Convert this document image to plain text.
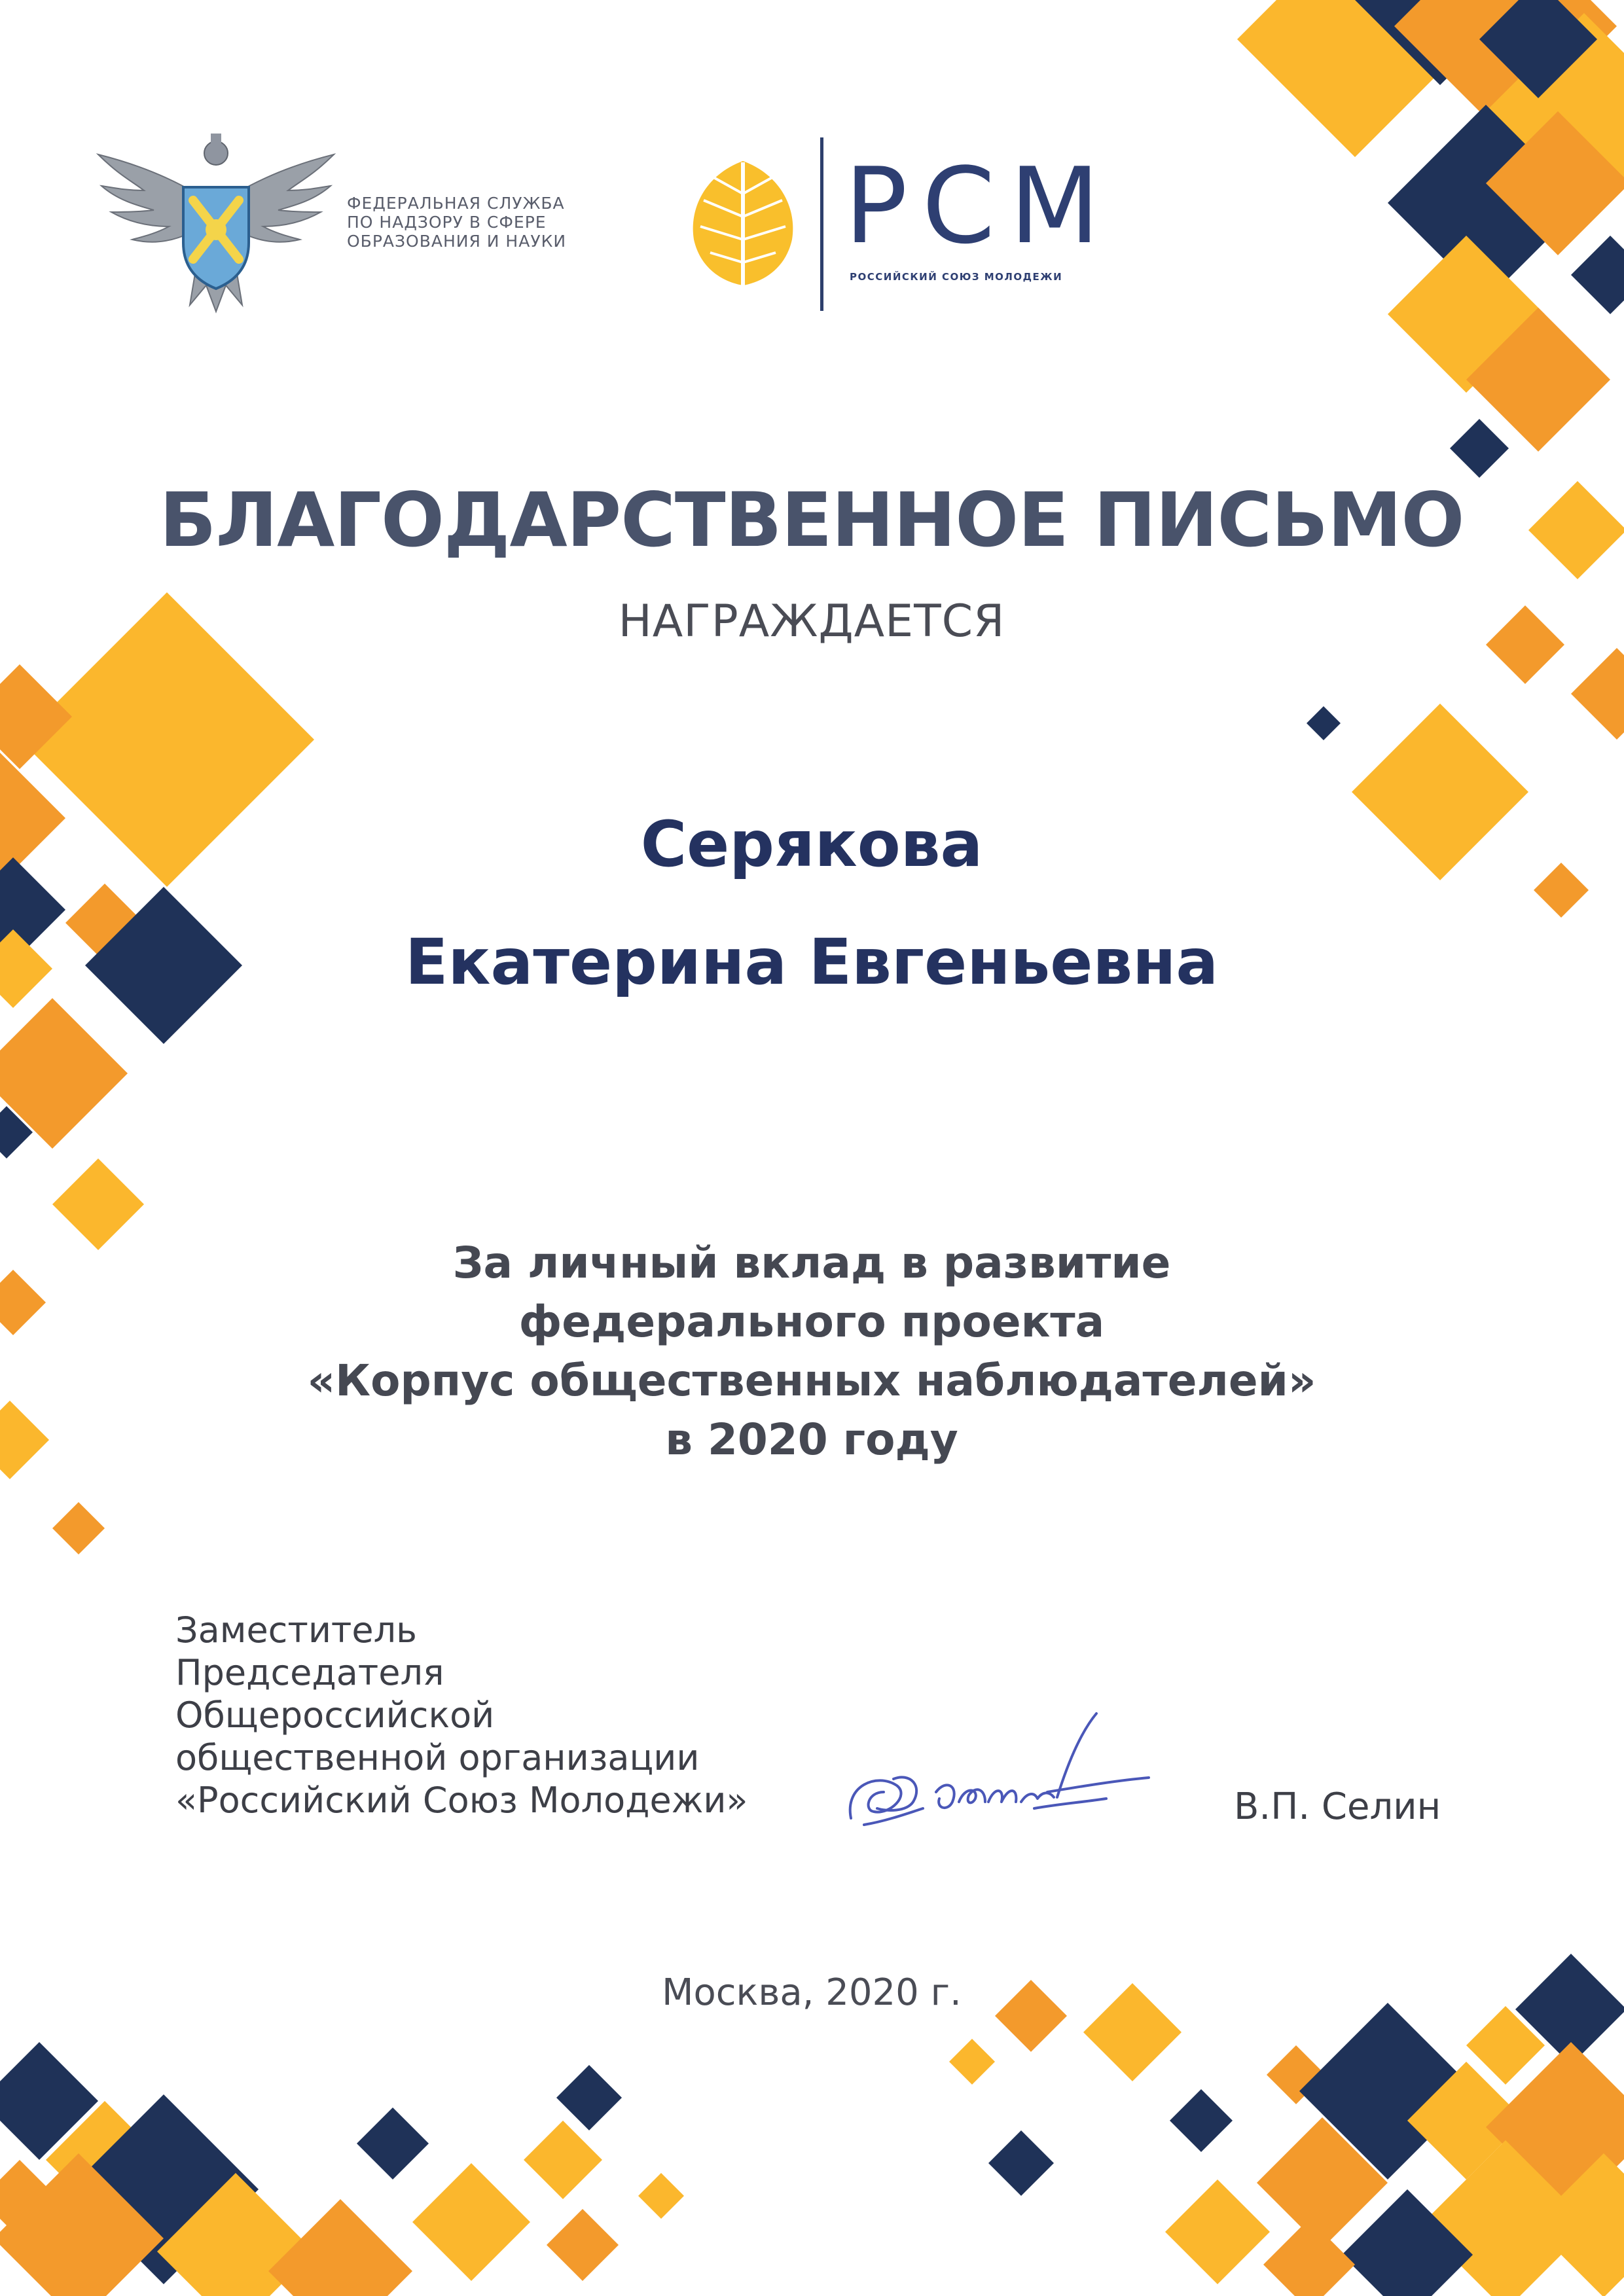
ФЕДЕРАЛЬНАЯ СЛУЖБА
ПО НАДЗОРУ В СФЕРЕ
ОБРАЗОВАНИЯ И НАУКИ	РСМ
РОССИЙСКИЙ СОЮЗ МОЛОДЕЖИ
БЛАГОДАРСТВЕННОЕ ПИСЬМО
НАГРАЖДАЕТСЯ
Серякова
Екатерина Евгеньевна
За личный вклад в развитие
федерального проекта
«Корпус общественных наблюдателей»
в 2020 году
Заместитель
Председателя
Общероссийской
общественной организации
«Российский Союз Молодежи»	В.П. Селин
Москва, 2020 г.
